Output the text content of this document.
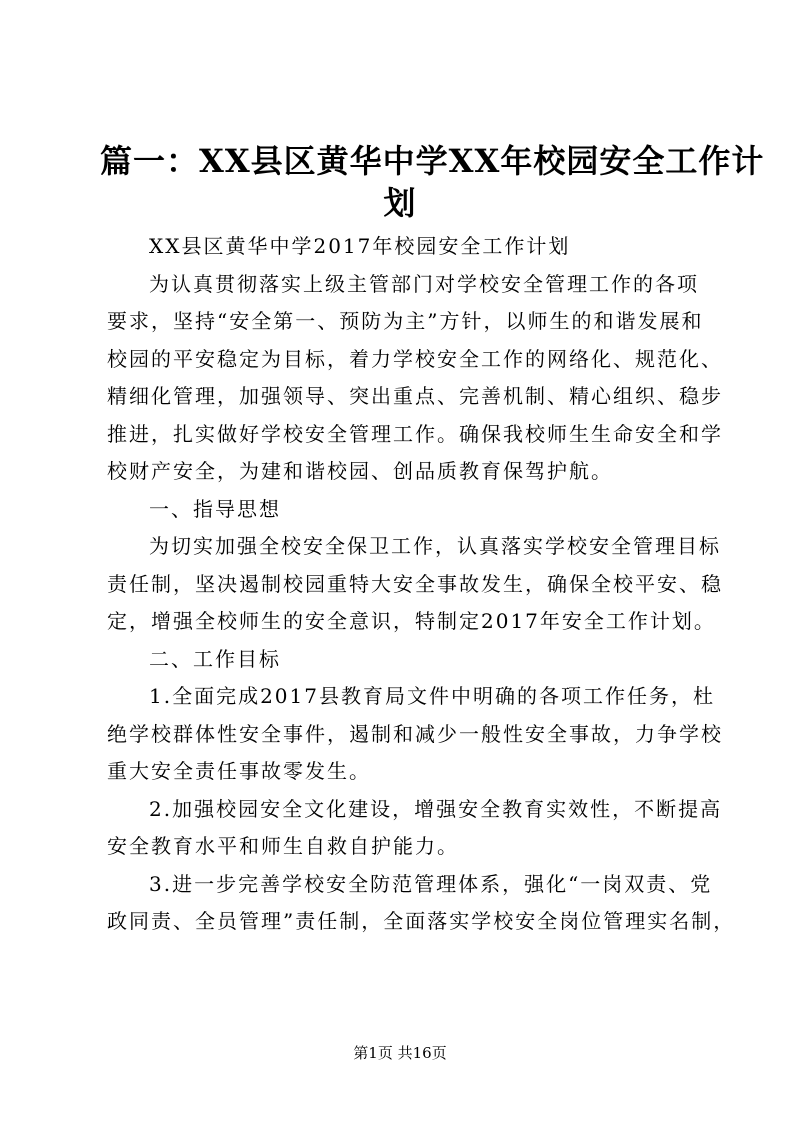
篇一：XX县区黄华中学XX年校园安全工作计
划
XX县区黄华中学2017年校园安全工作计划
为认真贯彻落实上级主管部门对学校安全管理工作的各项
要求，坚持“安全第一、预防为主”方针，以师生的和谐发展和
校园的平安稳定为目标，着力学校安全工作的网络化、规范化、
精细化管理，加强领导、突出重点、完善机制、精心组织、稳步
推进，扎实做好学校安全管理工作。确保我校师生生命安全和学
校财产安全，为建和谐校园、创品质教育保驾护航。
一、指导思想
为切实加强全校安全保卫工作，认真落实学校安全管理目标
责任制，坚决遏制校园重特大安全事故发生，确保全校平安、稳
定，增强全校师生的安全意识，特制定2017年安全工作计划。
二、工作目标
1.全面完成2017县教育局文件中明确的各项工作任务，杜
绝学校群体性安全事件，遏制和减少一般性安全事故，力争学校
重大安全责任事故零发生。
2.加强校园安全文化建设，增强安全教育实效性，不断提高
安全教育水平和师生自救自护能力。
3.进一步完善学校安全防范管理体系，强化“一岗双责、党
政同责、全员管理”责任制，全面落实学校安全岗位管理实名制，
第1页 共16页
